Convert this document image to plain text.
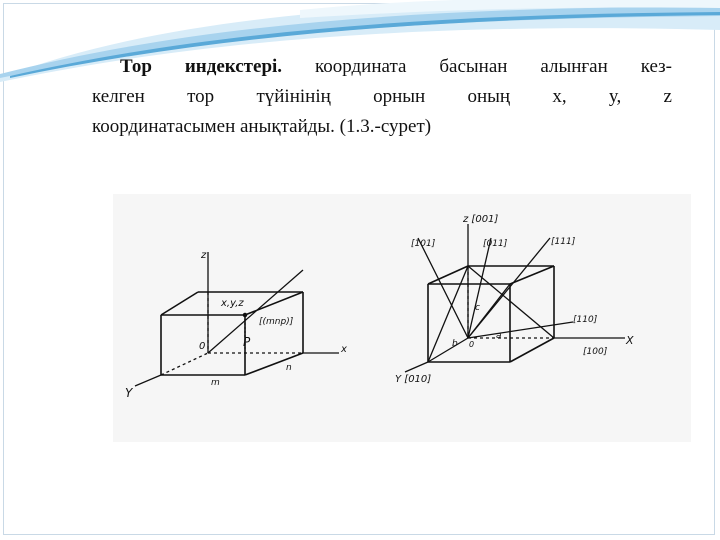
Тор индекстері. координата басынан алынған кез-

келген тор түйінінің орнын оның х, у, z

координатасымен анықтайды. (1.3.-сурет)

z
x
Y
x,y,z
[(mnp)]
P
0
m
n
z [001]
[101]	[011]	[111]
[110]
[100]
X
Y [010]
c
b
a
0
